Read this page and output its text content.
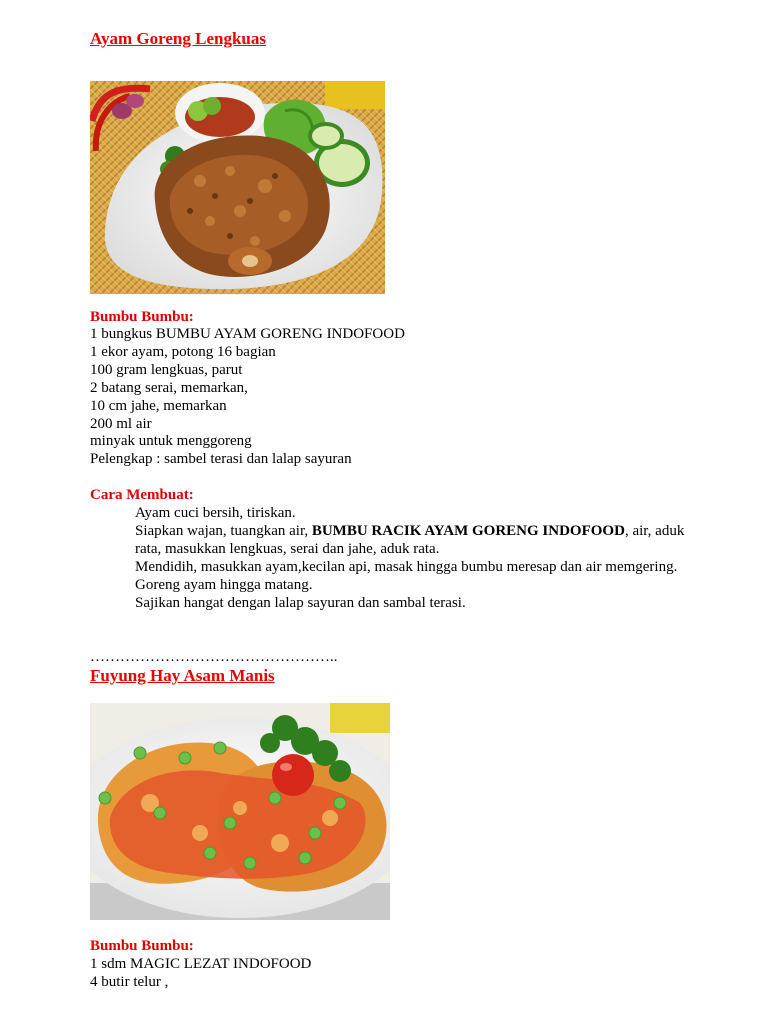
Ayam Goreng Lengkuas
Bumbu Bumbu:
1 bungkus BUMBU AYAM GORENG INDOFOOD
1 ekor ayam, potong 16 bagian
100 gram lengkuas, parut
2 batang serai, memarkan,
10 cm jahe, memarkan
200 ml air
minyak untuk menggoreng
Pelengkap : sambel terasi dan lalap sayuran
Cara Membuat:
Ayam cuci bersih, tiriskan.
Siapkan wajan, tuangkan air, BUMBU RACIK AYAM GORENG INDOFOOD, air, aduk rata, masukkan lengkuas, serai dan jahe, aduk rata.
Mendidih, masukkan ayam,kecilan api, masak hingga bumbu meresap dan air memgering.
Goreng ayam hingga matang.
Sajikan hangat dengan lalap sayuran dan sambal terasi.
…………………………………………..
Fuyung Hay Asam Manis
Bumbu Bumbu:
1 sdm MAGIC LEZAT INDOFOOD
4 butir telur ,
